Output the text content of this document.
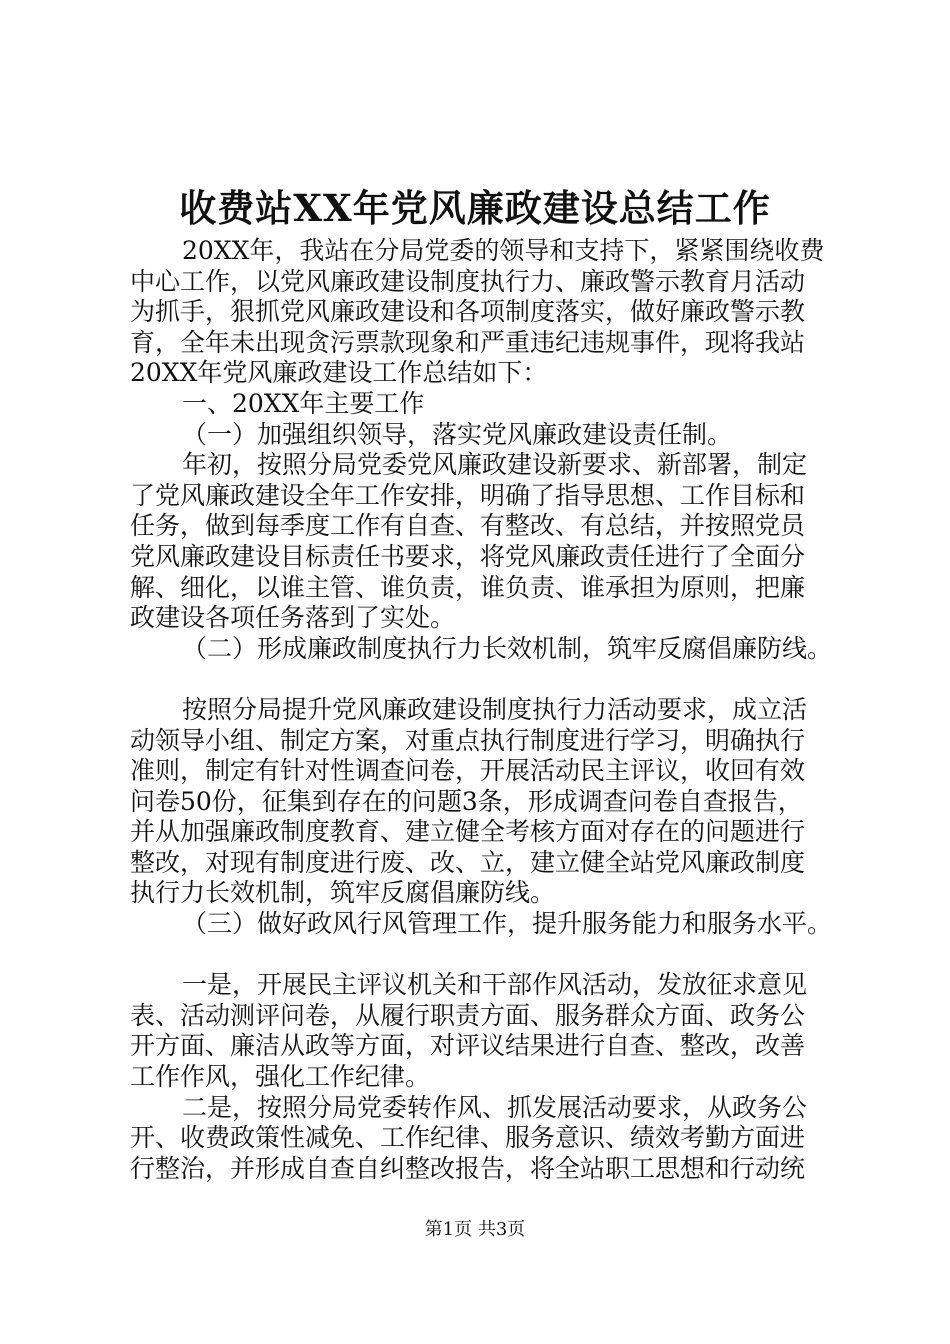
收费站XX年党风廉政建设总结工作
20XX年，我站在分局党委的领导和支持下，紧紧围绕收费
中心工作，以党风廉政建设制度执行力、廉政警示教育月活动
为抓手，狠抓党风廉政建设和各项制度落实，做好廉政警示教
育，全年未出现贪污票款现象和严重违纪违规事件，现将我站
20XX年党风廉政建设工作总结如下：
一、20XX年主要工作
（一）加强组织领导，落实党风廉政建设责任制。
年初，按照分局党委党风廉政建设新要求、新部署，制定
了党风廉政建设全年工作安排，明确了指导思想、工作目标和
任务，做到每季度工作有自查、有整改、有总结，并按照党员
党风廉政建设目标责任书要求，将党风廉政责任进行了全面分
解、细化，以谁主管、谁负责，谁负责、谁承担为原则，把廉
政建设各项任务落到了实处。
（二）形成廉政制度执行力长效机制，筑牢反腐倡廉防线。
按照分局提升党风廉政建设制度执行力活动要求，成立活
动领导小组、制定方案，对重点执行制度进行学习，明确执行
准则，制定有针对性调查问卷，开展活动民主评议，收回有效
问卷50份，征集到存在的问题3条，形成调查问卷自查报告，
并从加强廉政制度教育、建立健全考核方面对存在的问题进行
整改，对现有制度进行废、改、立，建立健全站党风廉政制度
执行力长效机制，筑牢反腐倡廉防线。
（三）做好政风行风管理工作，提升服务能力和服务水平。
一是，开展民主评议机关和干部作风活动，发放征求意见
表、活动测评问卷，从履行职责方面、服务群众方面、政务公
开方面、廉洁从政等方面，对评议结果进行自查、整改，改善
工作作风，强化工作纪律。
二是，按照分局党委转作风、抓发展活动要求，从政务公
开、收费政策性减免、工作纪律、服务意识、绩效考勤方面进
行整治，并形成自查自纠整改报告，将全站职工思想和行动统
第1页 共3页
